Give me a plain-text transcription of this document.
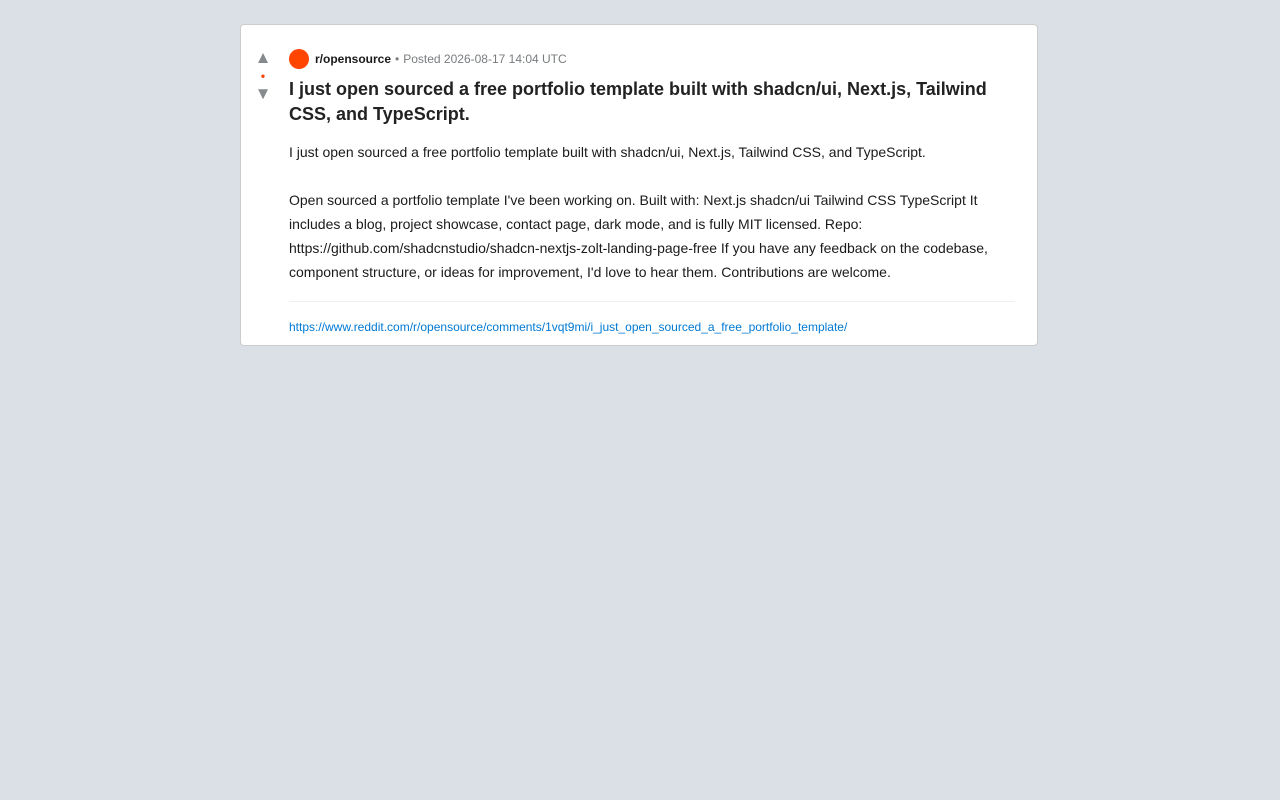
▲
•
▼
r/opensource • Posted 2026-08-17 14:04 UTC
I just open sourced a free portfolio template built with shadcn/ui, Next.js, Tailwind CSS, and TypeScript.

I just open sourced a free portfolio template built with shadcn/ui, Next.js, Tailwind CSS, and TypeScript.

Open sourced a portfolio template I've been working on. Built with: Next.js shadcn/ui Tailwind CSS TypeScript It includes a blog, project showcase, contact page, dark mode, and is fully MIT licensed. Repo: https://github.com/shadcnstudio/shadcn-nextjs-zolt-landing-page-free If you have any feedback on the codebase, component structure, or ideas for improvement, I'd love to hear them. Contributions are welcome.

https://www.reddit.com/r/opensource/comments/1vqt9mi/i_just_open_sourced_a_free_portfolio_template/
